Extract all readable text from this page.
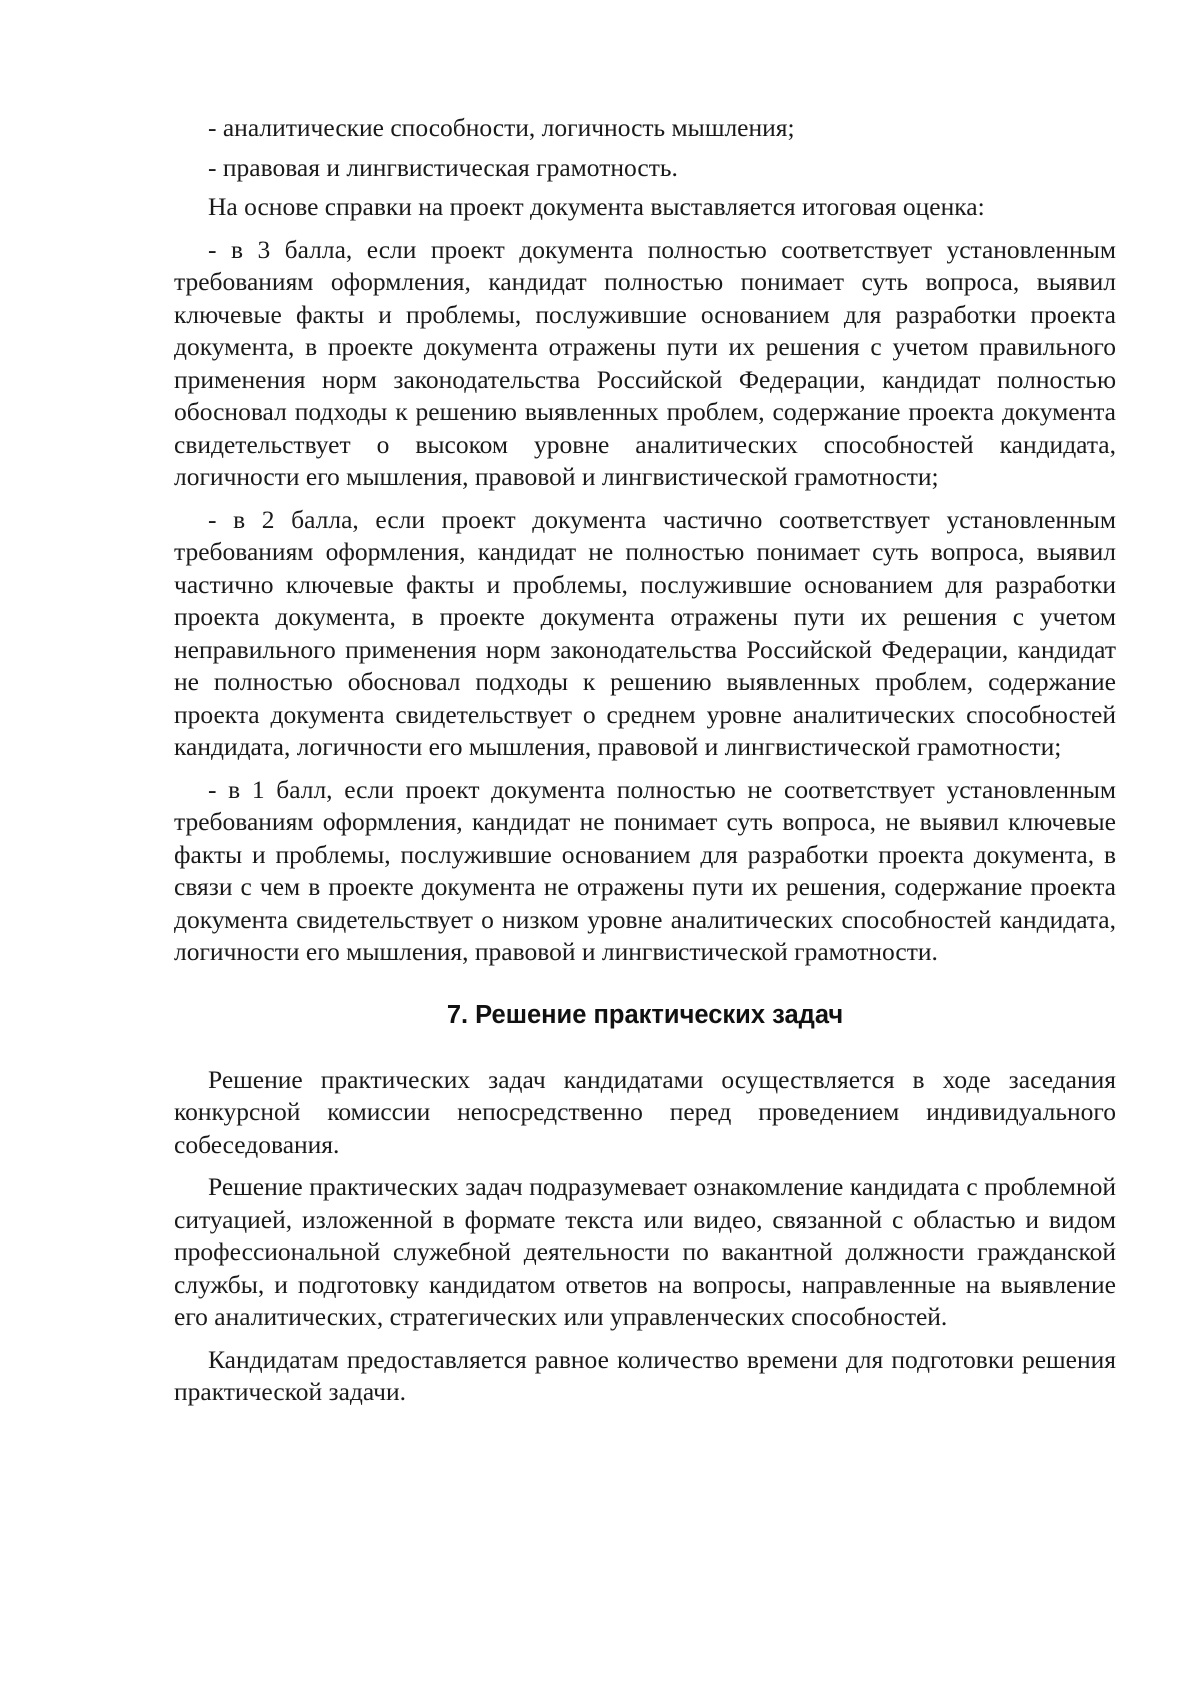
- аналитические способности, логичность мышления;

- правовая и лингвистическая грамотность.

На основе справки на проект документа выставляется итоговая оценка:

- в 3 балла, если проект документа полностью соответствует установленным требованиям оформления, кандидат полностью понимает суть вопроса, выявил ключевые факты и проблемы, послужившие основанием для разработки проекта документа, в проекте документа отражены пути их решения с учетом правильного применения норм законодательства Российской Федерации, кандидат полностью обосновал подходы к решению выявленных проблем, содержание проекта документа свидетельствует о высоком уровне аналитических способностей кандидата, логичности его мышления, правовой и лингвистической грамотности;

- в 2 балла, если проект документа частично соответствует установленным требованиям оформления, кандидат не полностью понимает суть вопроса, выявил частично ключевые факты и проблемы, послужившие основанием для разработки проекта документа, в проекте документа отражены пути их решения с учетом неправильного применения норм законодательства Российской Федерации, кандидат не полностью обосновал подходы к решению выявленных проблем, содержание проекта документа свидетельствует о среднем уровне аналитических способностей кандидата, логичности его мышления, правовой и лингвистической грамотности;

- в 1 балл, если проект документа полностью не соответствует установленным требованиям оформления, кандидат не понимает суть вопроса, не выявил ключевые факты и проблемы, послужившие основанием для разработки проекта документа, в связи с чем в проекте документа не отражены пути их решения, содержание проекта документа свидетельствует о низком уровне аналитических способностей кандидата, логичности его мышления, правовой и лингвистической грамотности.

7. Решение практических задач

Решение практических задач кандидатами осуществляется в ходе заседания конкурсной комиссии непосредственно перед проведением индивидуального собеседования.

Решение практических задач подразумевает ознакомление кандидата с проблемной ситуацией, изложенной в формате текста или видео, связанной с областью и видом профессиональной служебной деятельности по вакантной должности гражданской службы, и подготовку кандидатом ответов на вопросы, направленные на выявление его аналитических, стратегических или управленческих способностей.

Кандидатам предоставляется равное количество времени для подготовки решения практической задачи.
